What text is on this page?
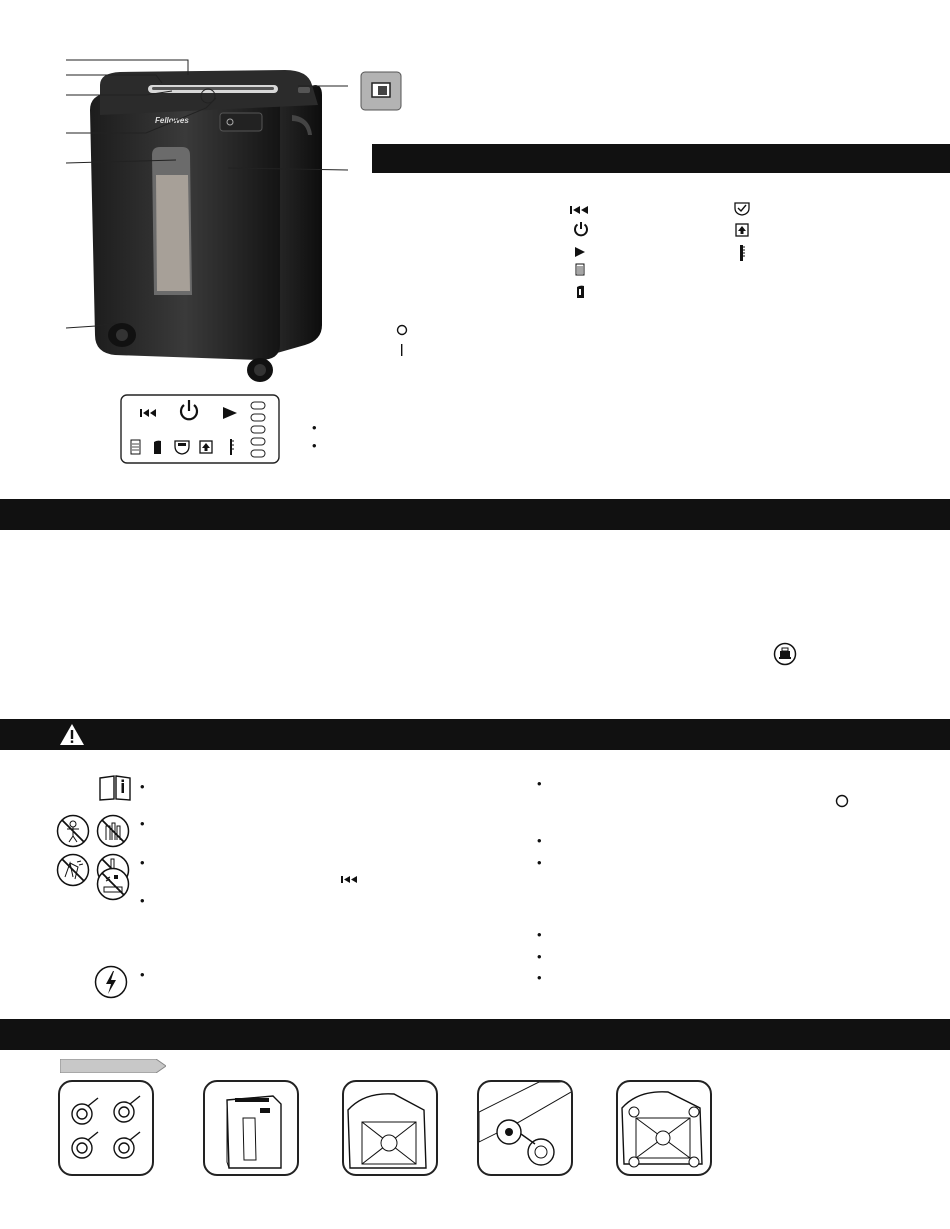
Fellowes
•
•
•
•
•
•
•
•
•
•
•
•
•
